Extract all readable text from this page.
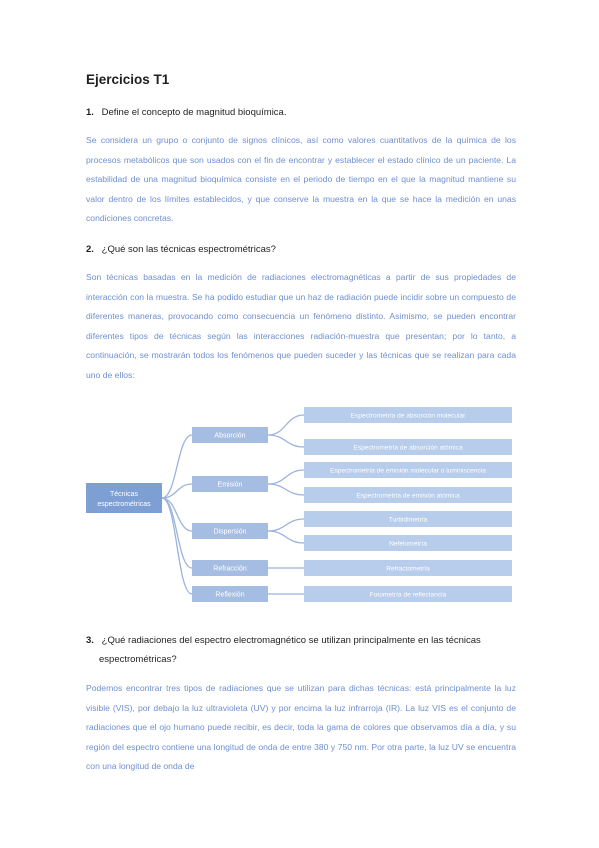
Ejercicios T1
1. Define el concepto de magnitud bioquímica.
Se considera un grupo o conjunto de signos clínicos, así como valores cuantitativos de la química de los procesos metabólicos que son usados con el fin de encontrar y establecer el estado clínico de un paciente. La estabilidad de una magnitud bioquímica consiste en el periodo de tiempo en el que la magnitud mantiene su valor dentro de los límites establecidos, y que conserve la muestra en la que se hace la medición en unas condiciones concretas.
2. ¿Qué son las técnicas espectrométricas?
Son técnicas basadas en la medición de radiaciones electromagnéticas a partir de sus propiedades de interacción con la muestra. Se ha podido estudiar que un haz de radiación puede incidir sobre un compuesto de diferentes maneras, provocando como consecuencia un fenómeno distinto. Asimismo, se pueden encontrar diferentes tipos de técnicas según las interacciones radiación-muestra que presentan; por lo tanto, a continuación, se mostrarán todos los fenómenos que pueden suceder y las técnicas que se realizan para cada uno de ellos:
Técnicas
espectrométricas
Absorción
Espectrometría de absorción molecular
Espectrometría de absorción atómica
Emisión
Espectrometría de emisión molecular o luminiscencia
Espectrometría de emisión atómica
Dispersión
Turbidimetría
Nefelometría
Refracción	Refractometría
Reflexión	Fotometría de reflectancia
3. ¿Qué radiaciones del espectro electromagnético se utilizan principalmente en las técnicas
espectrométricas?
Podemos encontrar tres tipos de radiaciones que se utilizan para dichas técnicas: está principalmente la luz visible (VIS), por debajo la luz ultravioleta (UV) y por encima la luz infrarroja (IR). La luz VIS es el conjunto de radiaciones que el ojo humano puede recibir, es decir, toda la gama de colores que observamos día a día, y su región del espectro contiene una longitud de onda de entre 380 y 750 nm. Por otra parte, la luz UV se encuentra con una longitud de onda de
